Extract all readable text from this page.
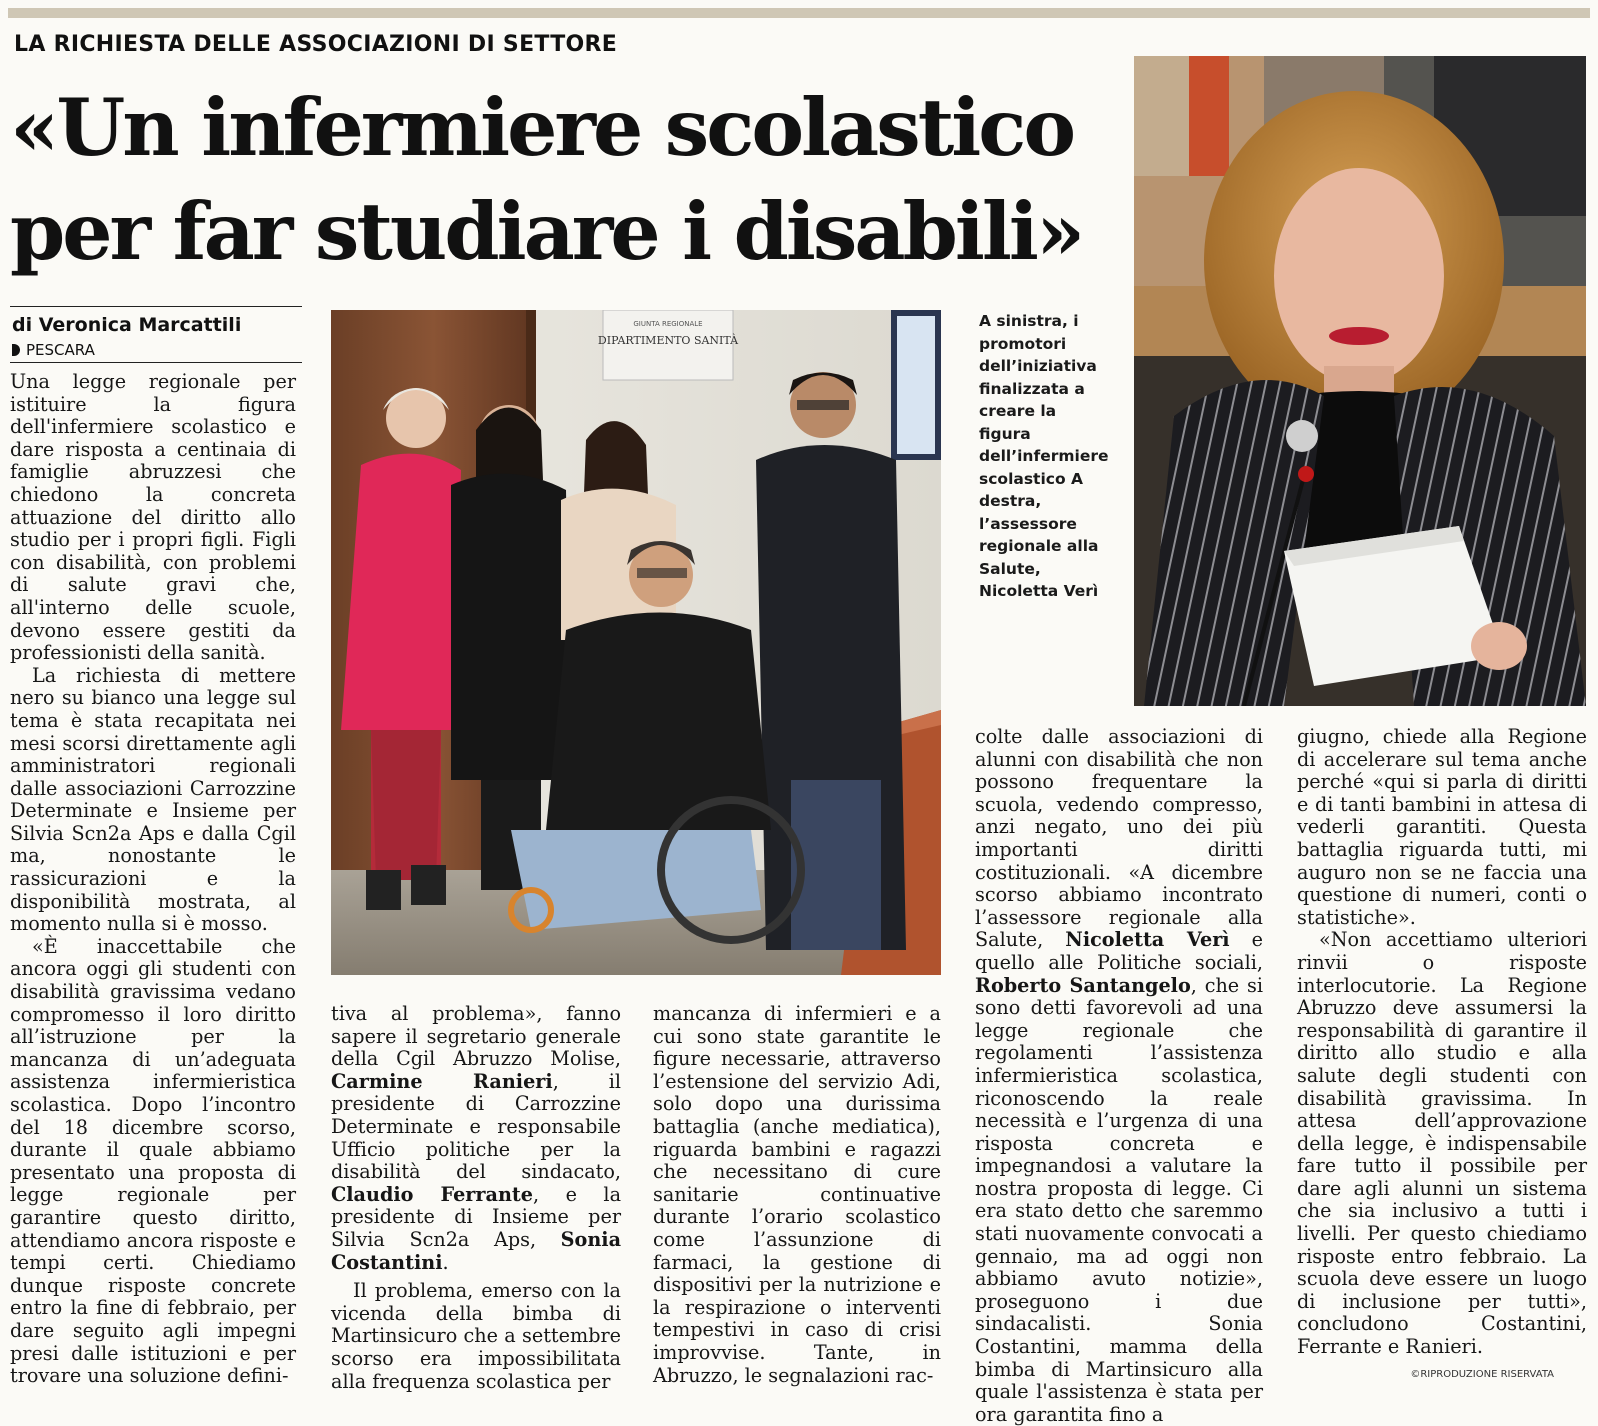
LA RICHIESTA DELLE ASSOCIAZIONI DI SETTORE
«Un infermiere scolastico
per far studiare i disabili»
di Veronica Marcattili
PESCARA
GIUNTA REGIONALE
DIPARTIMENTO SANITÀ
A sinistra, i promotori dell’iniziativa finalizzata a creare la figura dell’infermiere scolastico A destra, l’assessore regionale alla Salute, Nicoletta Verì

Una legge regionale per istituire la figura dell'infermiere scolastico e dare risposta a centinaia di famiglie abruzzesi che chiedono la concreta attuazione del diritto allo studio per i propri figli. Figli con disabilità, con problemi di salute gravi che, all'interno delle scuole, devono essere gestiti da professionisti della sanità.

La richiesta di mettere nero su bianco una legge sul tema è stata recapitata nei mesi scorsi direttamente agli amministratori regionali dalle associazioni Carrozzine Determinate e Insieme per Silvia Scn2a Aps e dalla Cgil ma, nonostante le rassicurazioni e la disponibilità mostrata, al momento nulla si è mosso.

«È inaccettabile che ancora oggi gli studenti con disabilità gravissima vedano compromesso il loro diritto all’istruzione per la mancanza di un’adeguata assistenza infermieristica scolastica. Dopo l’incontro del 18 dicembre scorso, durante il quale abbiamo presentato una proposta di legge regionale per garantire questo diritto, attendiamo ancora risposte e tempi certi. Chiediamo dunque risposte concrete entro la fine di febbraio, per dare seguito agli impegni presi dalle istituzioni e per trovare una soluzione defini-

tiva al problema», fanno sapere il segretario generale della Cgil Abruzzo Molise, Carmine Ranieri, il presidente di Carrozzine Determinate e responsabile Ufficio politiche per la disabilità del sindacato, Claudio Ferrante, e la presidente di Insieme per Silvia Scn2a Aps, Sonia Costantini.

Il problema, emerso con la vicenda della bimba di Martinsicuro che a settembre scorso era impossibilitata alla frequenza scolastica per

mancanza di infermieri e a cui sono state garantite le figure necessarie, attraverso l’estensione del servizio Adi, solo dopo una durissima battaglia (anche mediatica), riguarda bambini e ragazzi che necessitano di cure sanitarie continuative durante l’orario scolastico come l’assunzione di farmaci, la gestione di dispositivi per la nutrizione e la respirazione o interventi tempestivi in caso di crisi improvvise. Tante, in Abruzzo, le segnalazioni rac-

colte dalle associazioni di alunni con disabilità che non possono frequentare la scuola, vedendo compresso, anzi negato, uno dei più importanti diritti costituzionali. «A dicembre scorso abbiamo incontrato l’assessore regionale alla Salute, Nicoletta Verì e quello alle Politiche sociali, Roberto Santangelo, che si sono detti favorevoli ad una legge regionale che regolamenti l’assistenza infermieristica scolastica, riconoscendo la reale necessità e l’urgenza di una risposta concreta e impegnandosi a valutare la nostra proposta di legge. Ci era stato detto che saremmo stati nuovamente convocati a gennaio, ma ad oggi non abbiamo avuto notizie», proseguono i due sindacalisti. Sonia Costantini, mamma della bimba di Martinsicuro alla quale l'assistenza è stata per ora garantita fino a

giugno, chiede alla Regione di accelerare sul tema anche perché «qui si parla di diritti e di tanti bambini in attesa di vederli garantiti. Questa battaglia riguarda tutti, mi auguro non se ne faccia una questione di numeri, conti o statistiche».

«Non accettiamo ulteriori rinvii o risposte interlocutorie. La Regione Abruzzo deve assumersi la responsabilità di garantire il diritto allo studio e alla salute degli studenti con disabilità gravissima. In attesa dell’approvazione della legge, è indispensabile fare tutto il possibile per dare agli alunni un sistema che sia inclusivo a tutti i livelli. Per questo chiediamo risposte entro febbraio. La scuola deve essere un luogo di inclusione per tutti», concludono Costantini, Ferrante e Ranieri.

©RIPRODUZIONE RISERVATA
